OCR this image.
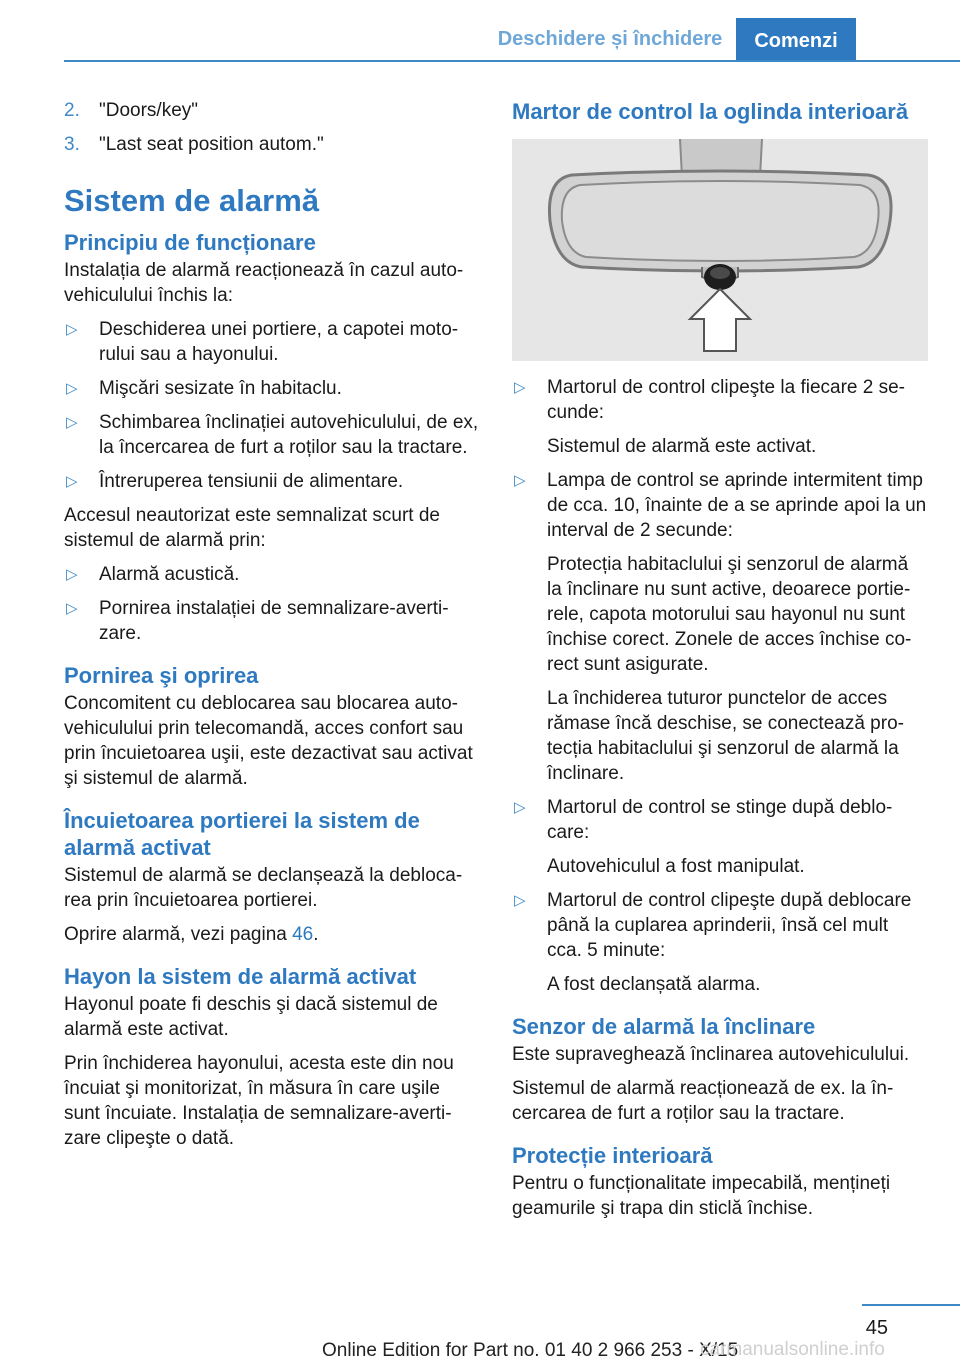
Deschidere și închidere	Comenzi
2. "Doors/key"
3. "Last seat position autom."
Sistem de alarmă
Principiu de funcționare

Instalația de alarmă reacționează în cazul autovehiculului închis la:

▷ Deschiderea unei portiere, a capotei motorului sau a hayonului.
▷ Mişcări sesizate în habitaclu.
▷ Schimbarea înclinației autovehiculului, de ex, la încercarea de furt a roților sau la tractare.
▷ Întreruperea tensiunii de alimentare.

Accesul neautorizat este semnalizat scurt de sistemul de alarmă prin:

▷ Alarmă acustică.
▷ Pornirea instalației de semnalizare-avertizare.
Pornirea şi oprirea

Concomitent cu deblocarea sau blocarea autovehiculului prin telecomandă, acces confort sau prin încuietoarea uşii, este dezactivat sau activat şi sistemul de alarmă.

Încuietoarea portierei la sistem de alarmă activat

Sistemul de alarmă se declanșează la deblocarea prin încuietoarea portierei.

Oprire alarmă, vezi pagina 46.

Hayon la sistem de alarmă activat

Hayonul poate fi deschis şi dacă sistemul de alarmă este activat.

Prin închiderea hayonului, acesta este din nou încuiat şi monitorizat, în măsura în care uşile sunt încuiate. Instalația de semnalizare-avertizare clipeşte o dată.

Martor de control la oglinda interioară
▷ Martorul de control clipeşte la fiecare 2 secunde:
Sistemul de alarmă este activat.
▷ Lampa de control se aprinde intermitent timp de cca. 10, înainte de a se aprinde apoi la un interval de 2 secunde:
Protecția habitaclului şi senzorul de alarmă la înclinare nu sunt active, deoarece portierele, capota motorului sau hayonul nu sunt închise corect. Zonele de acces închise corect sunt asigurate.
La închiderea tuturor punctelor de acces rămase încă deschise, se conectează protecția habitaclului şi senzorul de alarmă la înclinare.
▷ Martorul de control se stinge după deblocare:
Autovehiculul a fost manipulat.
▷ Martorul de control clipeşte după deblocare până la cuplarea aprinderii, însă cel mult cca. 5 minute:
A fost declanșată alarma.
Senzor de alarmă la înclinare

Este supraveghează înclinarea autovehiculului.

Sistemul de alarmă reacționează de ex. la încercarea de furt a roților sau la tractare.

Protecție interioară

Pentru o funcționalitate impecabilă, mențineți geamurile şi trapa din sticlă închise.

45
Online Edition for Part no. 01 40 2 966 253 - X/15
carmanualsonline.info
